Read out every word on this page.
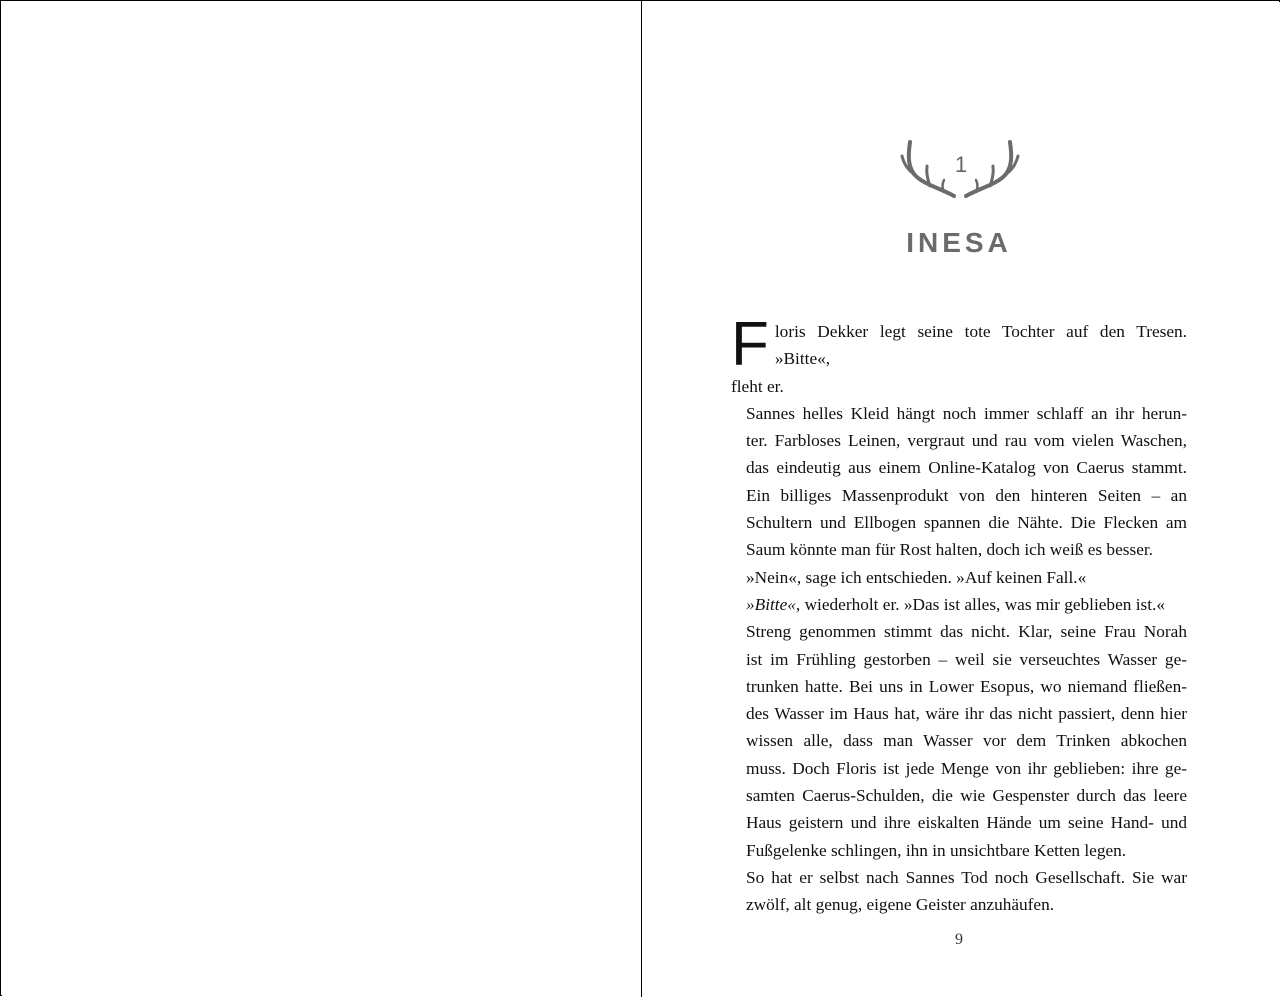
1
INESA

F loris Dekker legt seine tote Tochter auf den Tresen. »Bitte«,
fleht er.

Sannes helles Kleid hängt noch immer schlaff an ihr herun-
ter. Farbloses Leinen, vergraut und rau vom vielen Waschen,
das eindeutig aus einem Online-Katalog von Caerus stammt.
Ein billiges Massenprodukt von den hinteren Seiten – an
Schultern und Ellbogen spannen die Nähte. Die Flecken am
Saum könnte man für Rost halten, doch ich weiß es besser.

»Nein«, sage ich entschieden. »Auf keinen Fall.«

»Bitte«, wiederholt er. »Das ist alles, was mir geblieben ist.«

Streng genommen stimmt das nicht. Klar, seine Frau Norah
ist im Frühling gestorben – weil sie verseuchtes Wasser ge-
trunken hatte. Bei uns in Lower Esopus, wo niemand fließen-
des Wasser im Haus hat, wäre ihr das nicht passiert, denn hier
wissen alle, dass man Wasser vor dem Trinken abkochen
muss. Doch Floris ist jede Menge von ihr geblieben: ihre ge-
samten Caerus-Schulden, die wie Gespenster durch das leere
Haus geistern und ihre eiskalten Hände um seine Hand- und
Fußgelenke schlingen, ihn in unsichtbare Ketten legen.

So hat er selbst nach Sannes Tod noch Gesellschaft. Sie war
zwölf, alt genug, eigene Geister anzuhäufen.

9
